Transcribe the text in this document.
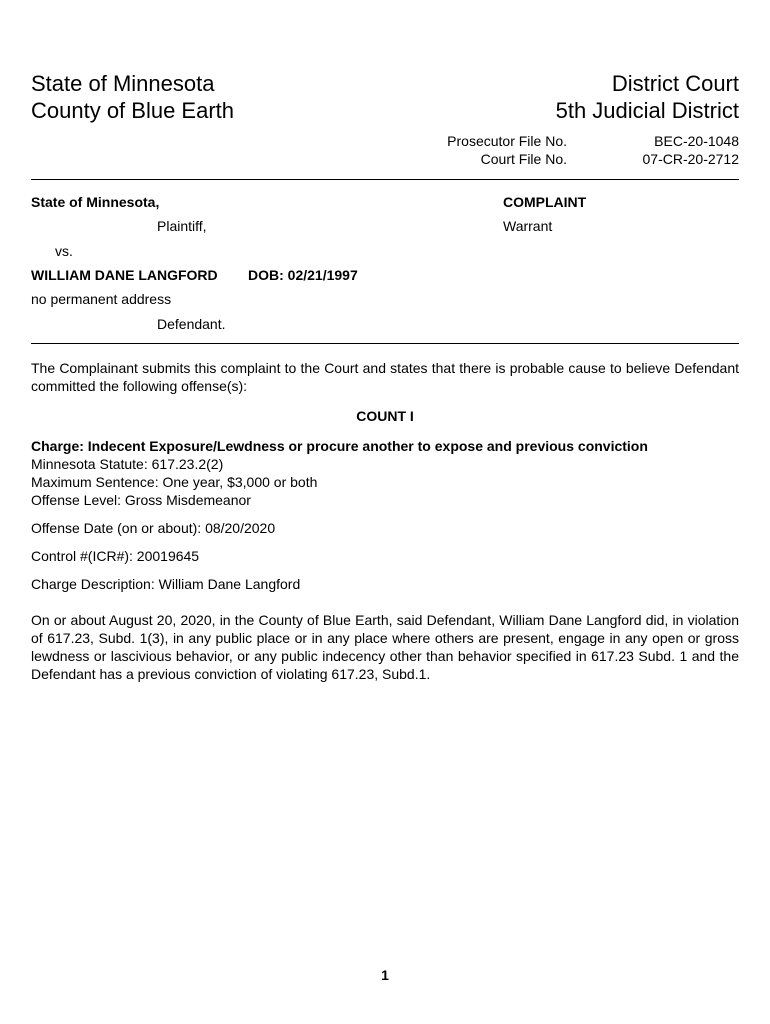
State of Minnesota
County of Blue Earth
District Court
5th Judicial District
Prosecutor File No.
Court File No.
BEC-20-1048
07-CR-20-2712
State of Minnesota,
Plaintiff,
vs.
WILLIAM DANE LANGFORD DOB: 02/21/1997
no permanent address
Defendant.
COMPLAINT
Warrant
The Complainant submits this complaint to the Court and states that there is probable cause to believe Defendant committed the following offense(s):
COUNT I
Charge: Indecent Exposure/Lewdness or procure another to expose and previous conviction
Minnesota Statute: 617.23.2(2)
Maximum Sentence: One year, $3,000 or both
Offense Level: Gross Misdemeanor
Offense Date (on or about): 08/20/2020
Control #(ICR#): 20019645
Charge Description: William Dane Langford
On or about August 20, 2020, in the County of Blue Earth, said Defendant, William Dane Langford did, in violation of 617.23, Subd. 1(3), in any public place or in any place where others are present, engage in any open or gross lewdness or lascivious behavior, or any public indecency other than behavior specified in 617.23 Subd. 1 and the Defendant has a previous conviction of violating 617.23, Subd.1.
1
